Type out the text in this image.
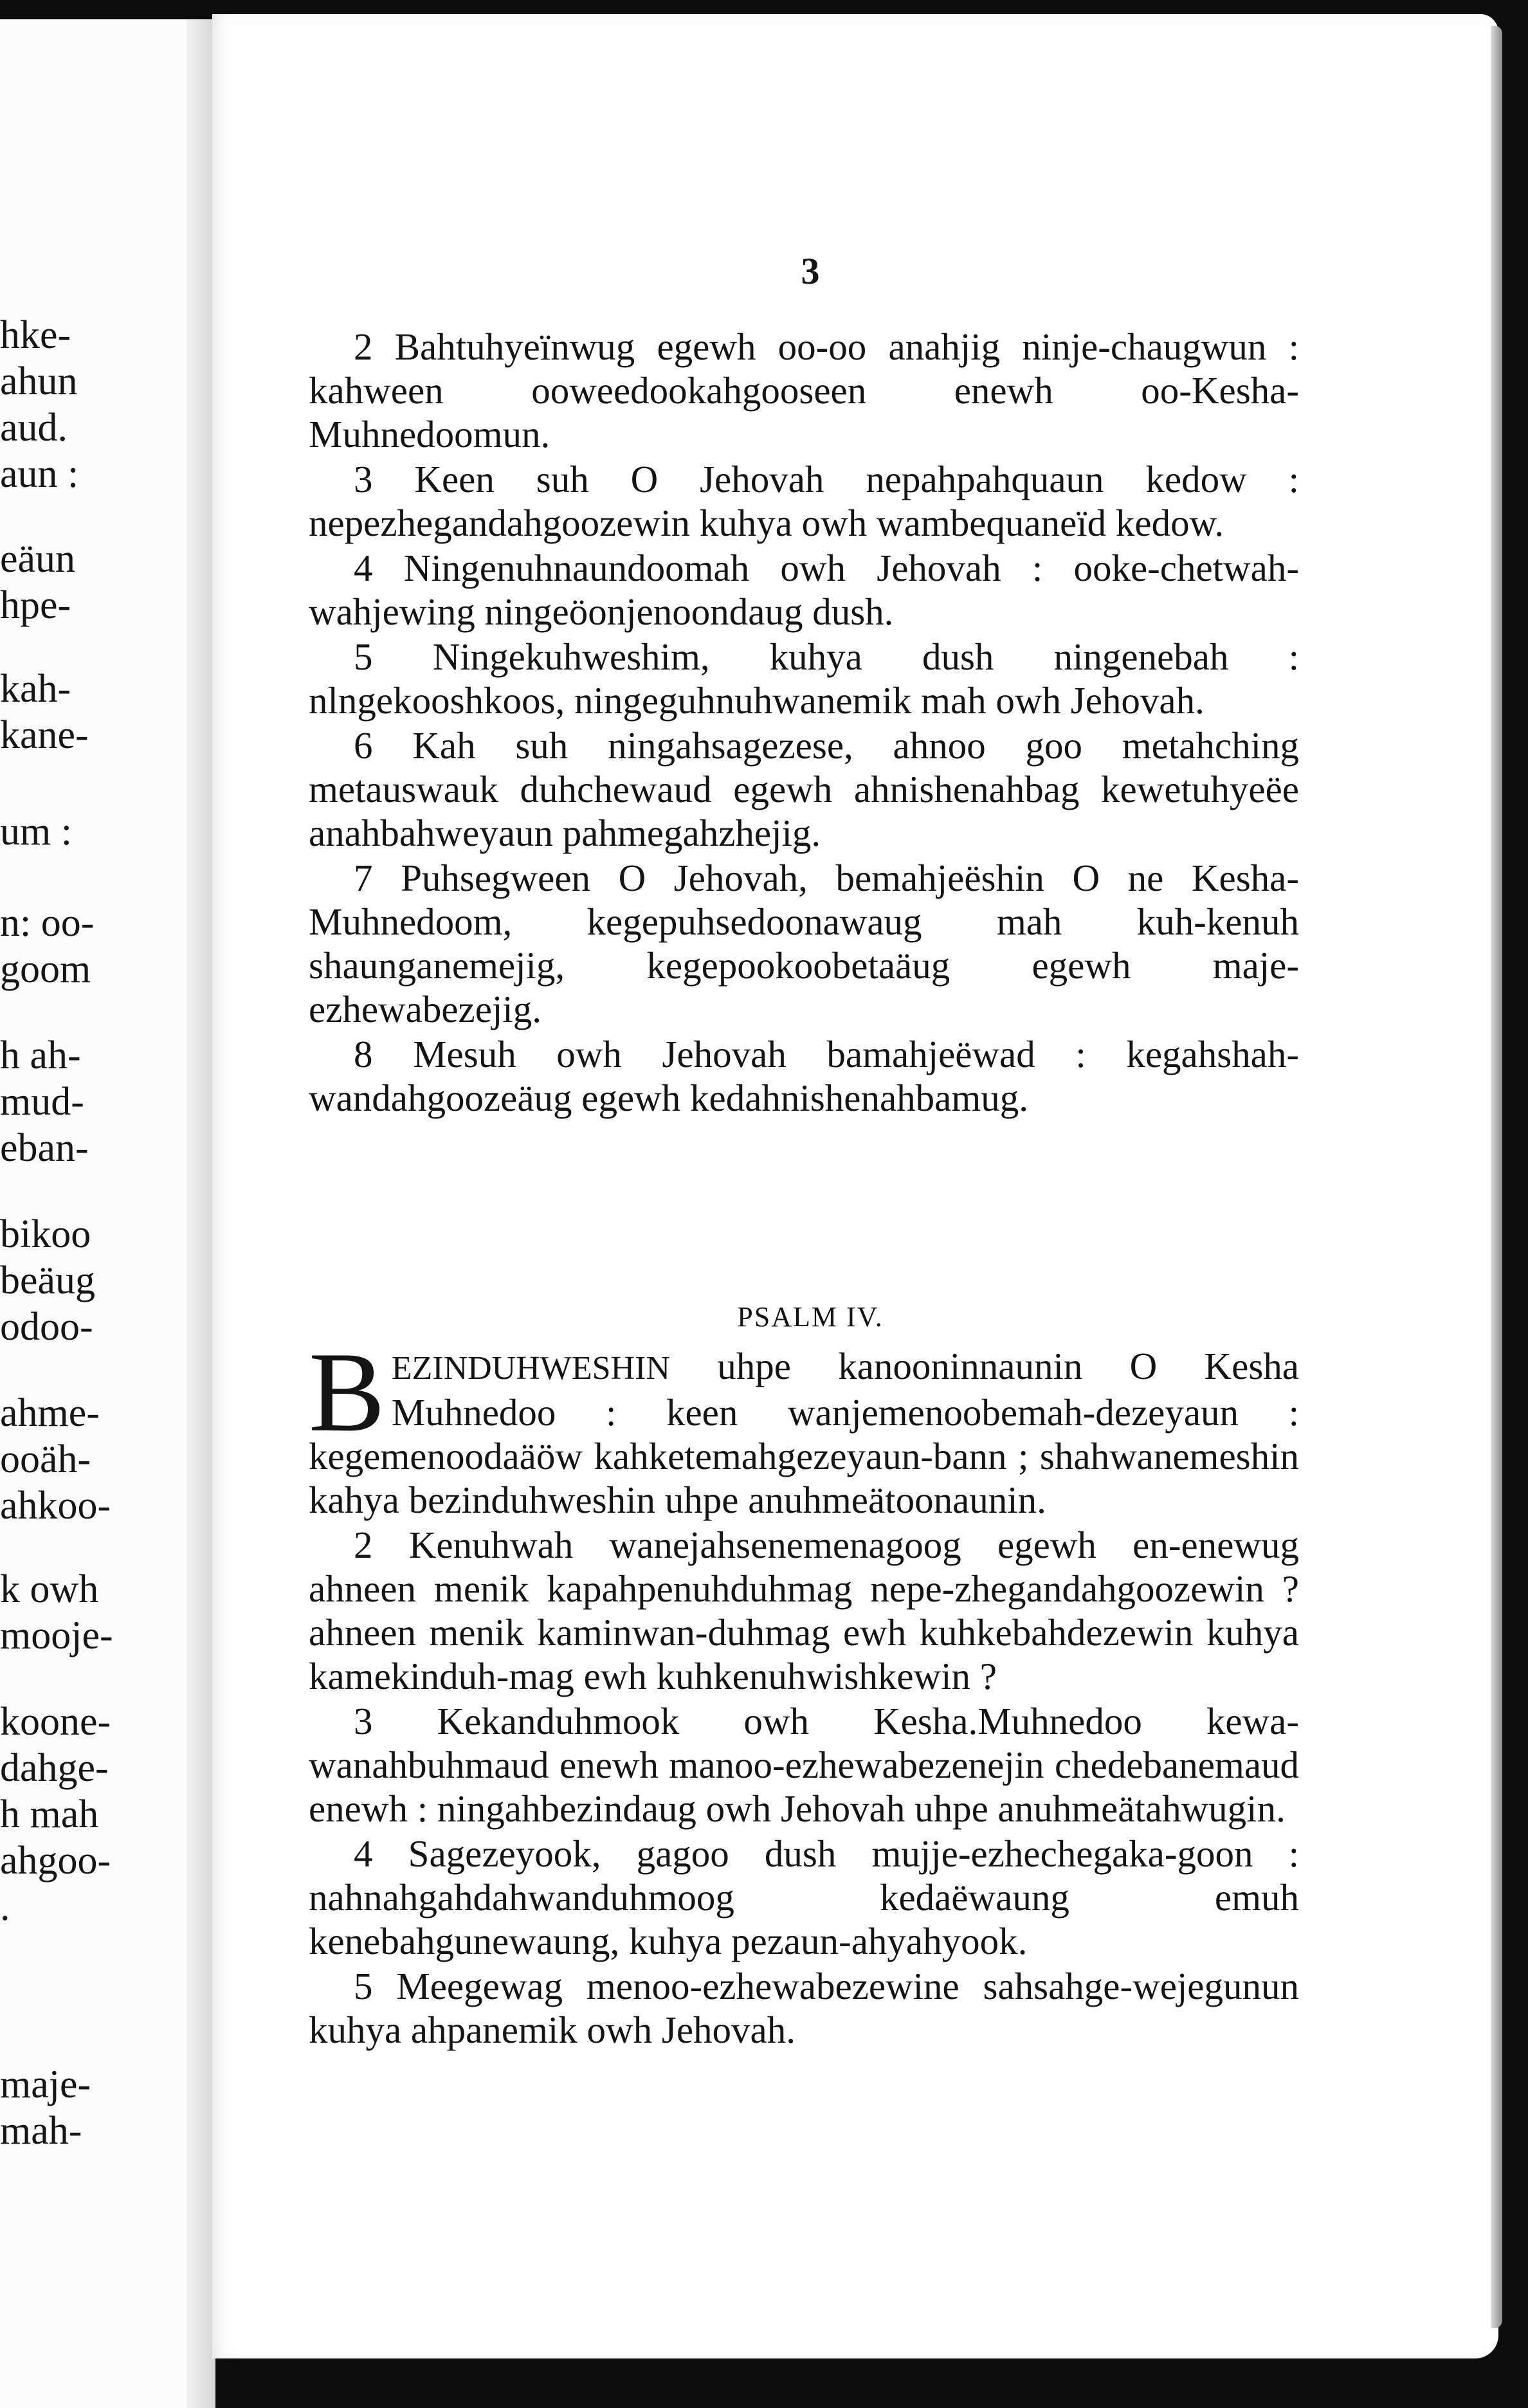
hke-
ahun
aud.
aun :
eäun
hpe-
kah-
kane-
um :
n: oo-
goom
h ah-
mud-
eban-
bikoo
beäug
odoo-
ahme-
ooäh-
ahkoo-
k owh
mooje-
koone-
dahge-
h mah
ahgoo-
.
majе-
mah-
3

2 Bahtuhyeïnwug egewh oo-oo anahjig ninje-chaugwun : kahween ooweedookahgooseen enewh oo-Kesha-Muhnedoomun.

3 Keen suh O Jehovah nepahpahquaun kedow : nepezhegandahgoozewin kuhya owh wambequaneïd kedow.

4 Ningenuhnaundoomah owh Jehovah : ooke-chetwah-wahjewing ningeöonjenoondaug dush.

5 Ningekuhweshim, kuhya dush ningenebah : nlngekooshkoos, ningeguhnuhwanemik mah owh Jehovah.

6 Kah suh ningahsagezese, ahnoo goo metahching metauswauk duhchewaud egewh ahnishenahbag kewetuhyeëe anahbahweyaun pahmegahzhejig.

7 Puhsegween O Jehovah, bemahjeëshin O ne Kesha-Muhnedoom, kegepuhsedoonawaug mah kuh-kenuh shaunganemejig, kegepookoobetaäug egewh maje-ezhewabezejig.

8 Mesuh owh Jehovah bamahjeëwad : kegahshah-wandahgoozeäug egewh kedahnishenahbamug.

PSALM IV.

BEZINDUHWESHIN uhpe kanooninnaunin O Kesha Muhnedoo : keen wanjemenoobemah-dezeyaun : kegemenoodaäöw kahketemahgezeyaun-bann ; shahwanemeshin kahya bezinduhweshin uhpe anuhmeätoonaunin.

2 Kenuhwah wanejahsenemenagoog egewh en-enewug ahneen menik kapahpenuhduhmag nepe-zhegandahgoozewin ? ahneen menik kaminwan-duhmag ewh kuhkebahdezewin kuhya kamekinduh-mag ewh kuhkenuhwishkewin ?

3 Kekanduhmook owh Kesha.Muhnedoo kewa-wanahbuhmaud enewh manoo-ezhewabezenejin chedebanemaud enewh : ningahbezindaug owh Jehovah uhpe anuhmeätahwugin.

4 Sagezeyook, gagoo dush mujje-ezhechegaka-goon : nahnahgahdahwanduhmoog kedaëwaung emuh kenebahgunewaung, kuhya pezaun-ahyahyook.

5 Meegewag menoo-ezhewabezewine sahsahge-wejegunun kuhya ahpanemik owh Jehovah.
